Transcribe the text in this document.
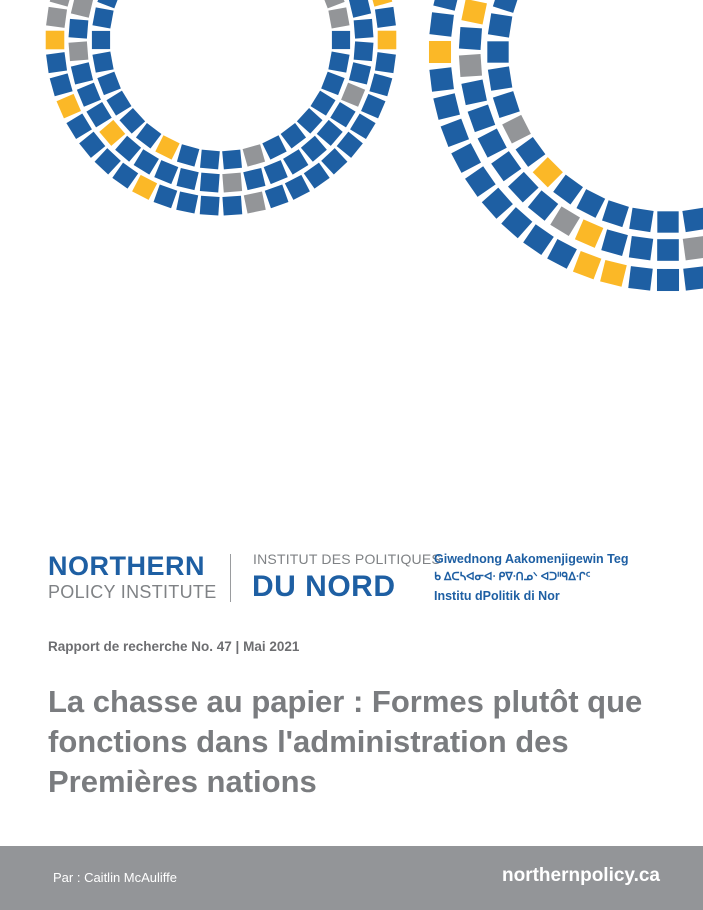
NORTHERN
POLICY INSTITUTE
INSTITUT DES POLITIQUES
DU NORD
Giwednong Aakomenjigewin Teg
ᑲ ᐃᑕᓴᐊᓂᐊᐧ ᑭᐁᐧᑎᓄᐠ ᐊᑐᐦᑫᐃᐧᒋᑦ
Institu dPolitik di Nor
Rapport de recherche No. 47 | Mai 2021
La chasse au papier : Formes plutôt que fonctions dans l'administration des Premières nations
Par : Caitlin McAuliffe	northernpolicy.ca
